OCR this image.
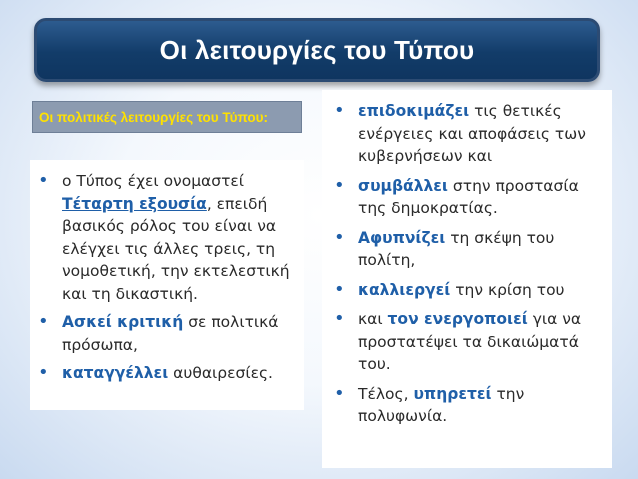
Οι λειτουργίες του Τύπου
Οι πολιτικές λειτουργίες του Τύπου:
• ο Τύπος έχει ονομαστεί Τέταρτη εξουσία, επειδή βασικός ρόλος του είναι να ελέγχει τις άλλες τρεις, τη νομοθετική, την εκτελεστική και τη δικαστική.
• Ασκεί κριτική σε πολιτικά πρόσωπα,
• καταγγέλλει αυθαιρεσίες.
• επιδοκιμάζει τις θετικές ενέργειες και αποφάσεις των κυβερνήσεων και
• συμβάλλει στην προστασία της δημοκρατίας.
• Αφυπνίζει τη σκέψη του πολίτη,
• καλλιεργεί την κρίση του
• και τον ενεργοποιεί για να προστατέψει τα δικαιώματά του.
• Τέλος, υπηρετεί την πολυφωνία.
